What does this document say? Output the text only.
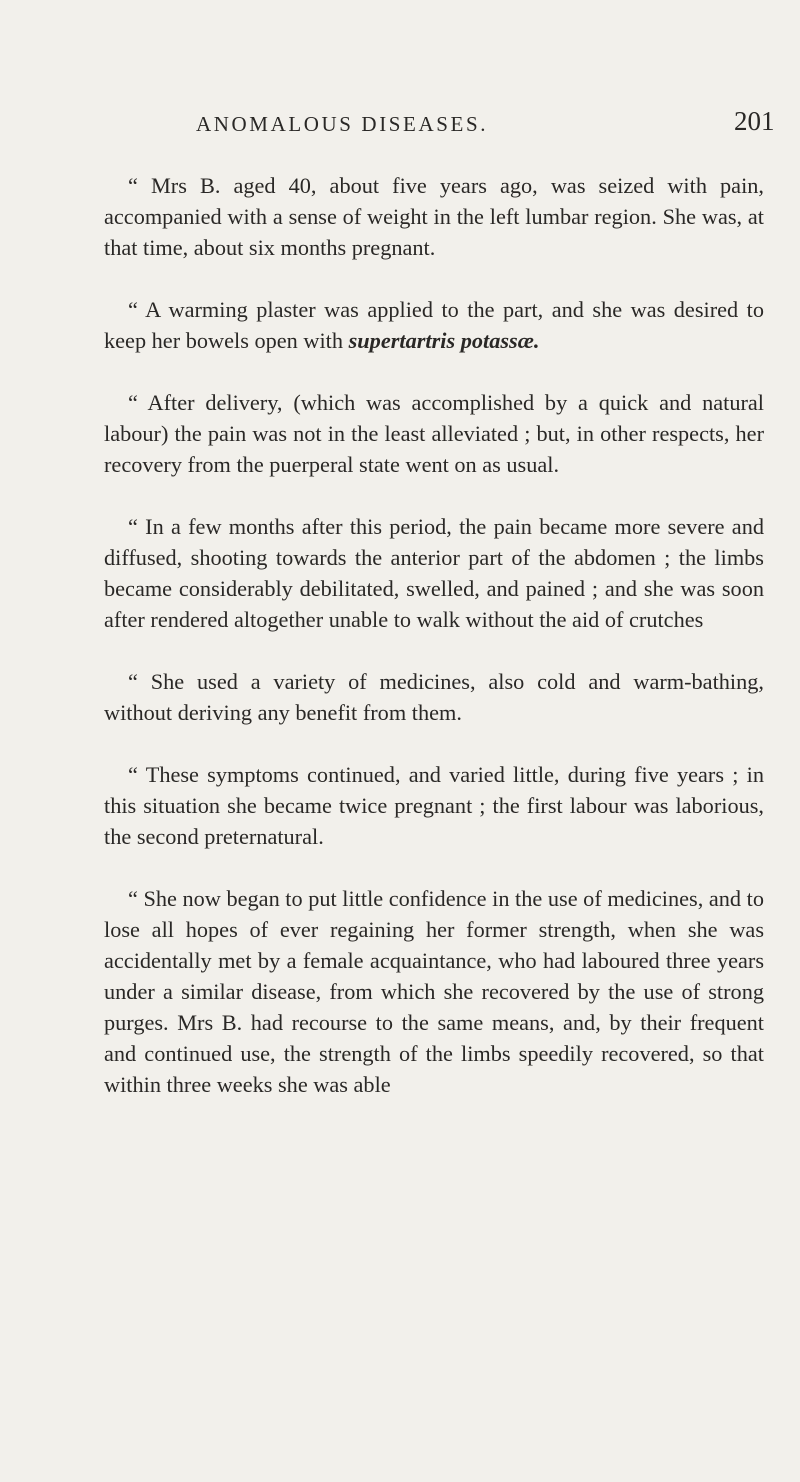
ANOMALOUS DISEASES.	201

“ Mrs B. aged 40, about five years ago, was seized with pain, accompanied with a sense of weight in the left lumbar region. She was, at that time, about six months pregnant.

“ A warming plaster was applied to the part, and she was desired to keep her bowels open with supertartris potassæ.

“ After delivery, (which was accomplished by a quick and natural labour) the pain was not in the least alleviated ; but, in other respects, her recovery from the puerperal state went on as usual.

“ In a few months after this period, the pain became more severe and diffused, shooting towards the anterior part of the abdomen ; the limbs became considerably debilitated, swelled, and pained ; and she was soon after rendered altogether unable to walk without the aid of crutches

“ She used a variety of medicines, also cold and warm-bathing, without deriving any benefit from them.

“ These symptoms continued, and varied little, during five years ; in this situation she became twice pregnant ; the first labour was laborious, the second preternatural.

“ She now began to put little confidence in the use of medicines, and to lose all hopes of ever regaining her former strength, when she was accidentally met by a female acquaintance, who had laboured three years under a similar disease, from which she recovered by the use of strong purges. Mrs B. had recourse to the same means, and, by their frequent and continued use, the strength of the limbs speedily recovered, so that within three weeks she was able
